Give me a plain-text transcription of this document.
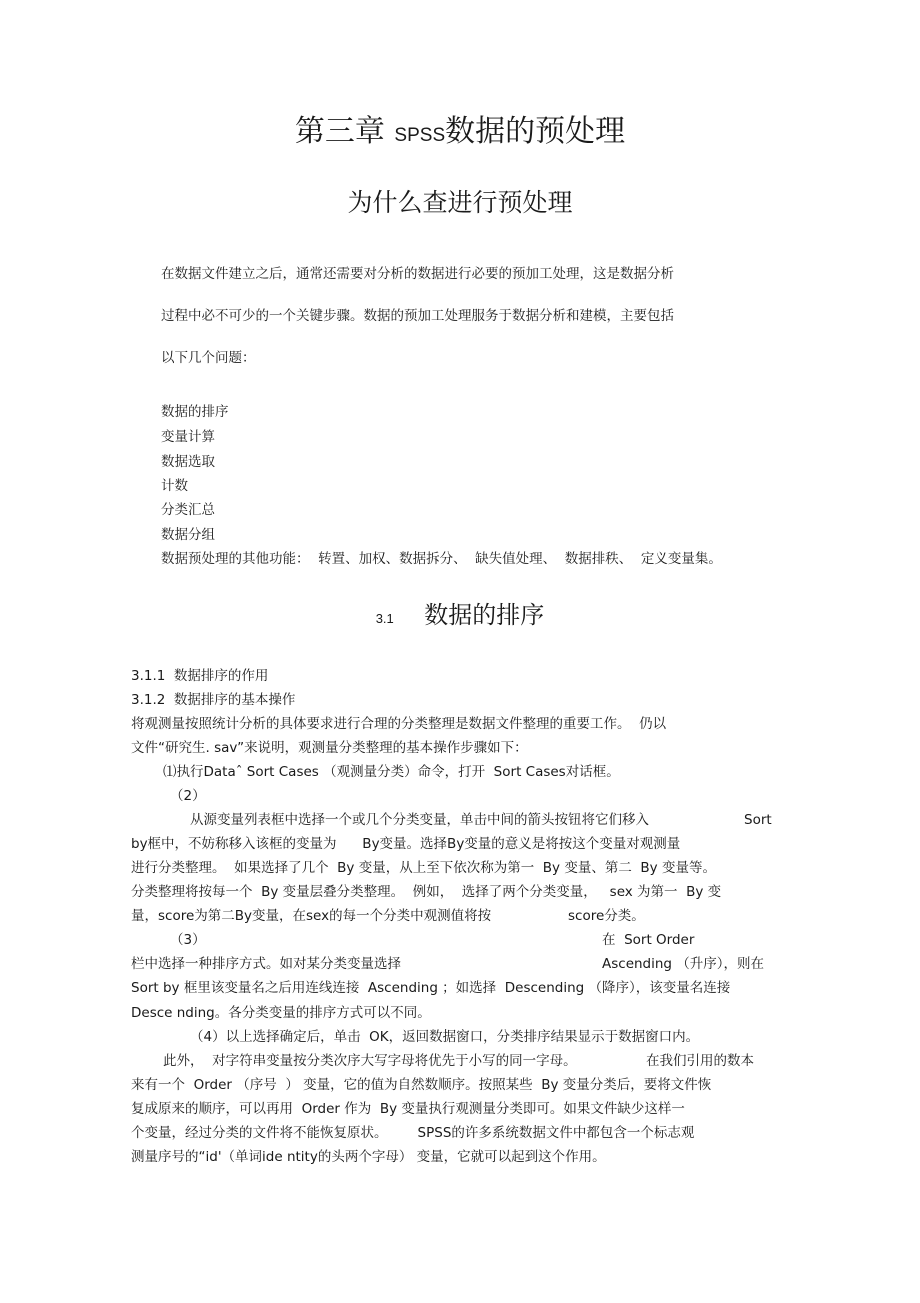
第三章 SPSS数据的预处理
为什么查进行预处理
在数据文件建立之后，通常还需要对分析的数据进行必要的预加工处理，这是数据分析
过程中必不可少的一个关键步骤。数据的预加工处理服务于数据分析和建模，主要包括
以下几个问题：
数据的排序
变量计算
数据选取
计数
分类汇总
数据分组
数据预处理的其他功能：  转置、加权、数据拆分、  缺失值处理、  数据排秩、  定义变量集。
3.1 数据的排序
3.1.1  数据排序的作用
3.1.2  数据排序的基本操作
将观测量按照统计分析的具体要求进行合理的分类整理是数据文件整理的重要工作。  仍以
文件“研究生. sav”来说明，观测量分类整理的基本操作步骤如下：
⑴执行Dataˆ Sort Cases （观测量分类）命令，打开  Sort Cases对话框。
（2）
从源变量列表框中选择一个或几个分类变量，单击中间的箭头按钮将它们移入	Sort
by框中，不妨称移入该框的变量为      By变量。选择By变量的意义是将按这个变量对观测量
进行分类整理。  如果选择了几个  By 变量，从上至下依次称为第一  By 变量、第二  By 变量等。
分类整理将按每一个  By 变量层叠分类整理。  例如，  选择了两个分类变量，   sex 为第一  By 变
量，score为第二By变量，在sex的每一个分类中观测值将按	score分类。
（3）	在  Sort Order
栏中选择一种排序方式。如对某分类变量选择	Ascending （升序），则在
Sort by 框里该变量名之后用连线连接  Ascending ；如选择  Descending （降序），该变量名连接
Desce nding。各分类变量的排序方式可以不同。
（4）以上选择确定后，单击  OK，返回数据窗口，分类排序结果显示于数据窗口内。
此外，  对字符串变量按分类次序大写字母将优先于小写的同一字母。	在我们引用的数本
来有一个  Order （序号  ） 变量，它的值为自然数顺序。按照某些  By 变量分类后，要将文件恢
复成原来的顺序，可以再用  Order 作为  By 变量执行观测量分类即可。如果文件缺少这样一
个变量，经过分类的文件将不能恢复原状。       SPSS的许多系统数据文件中都包含一个标志观
测量序号的“id'（单词ide ntity的头两个字母） 变量，它就可以起到这个作用。
